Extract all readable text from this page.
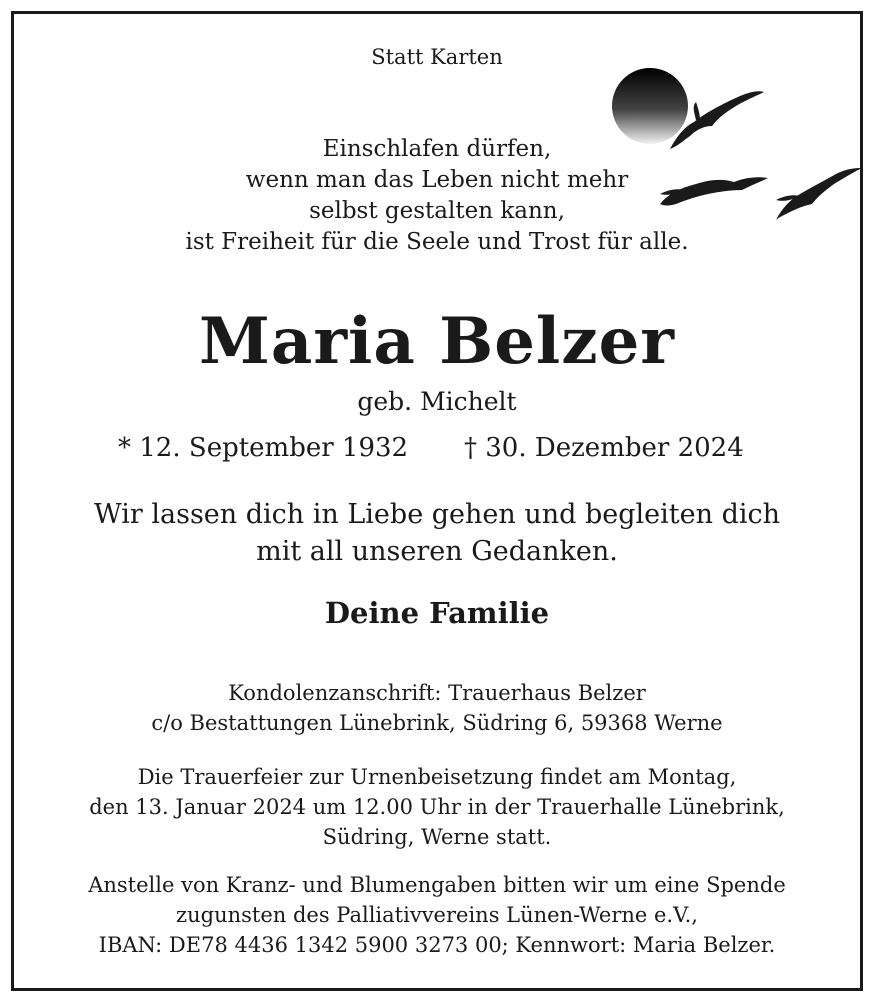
Statt Karten
Einschlafen dürfen,
wenn man das Leben nicht mehr
selbst gestalten kann,
ist Freiheit für die Seele und Trost für alle.
Maria Belzer
geb. Michelt
* 12. September 1932 † 30. Dezember 2024
Wir lassen dich in Liebe gehen und begleiten dich
mit all unseren Gedanken.
Deine Familie
Kondolenzanschrift: Trauerhaus Belzer
c/o Bestattungen Lünebrink, Südring 6, 59368 Werne
Die Trauerfeier zur Urnenbeisetzung findet am Montag,
den 13. Januar 2024 um 12.00 Uhr in der Trauerhalle Lünebrink,
Südring, Werne statt.
Anstelle von Kranz- und Blumengaben bitten wir um eine Spende
zugunsten des Palliativvereins Lünen-Werne e.V.,
IBAN: DE78 4436 1342 5900 3273 00; Kennwort: Maria Belzer.
